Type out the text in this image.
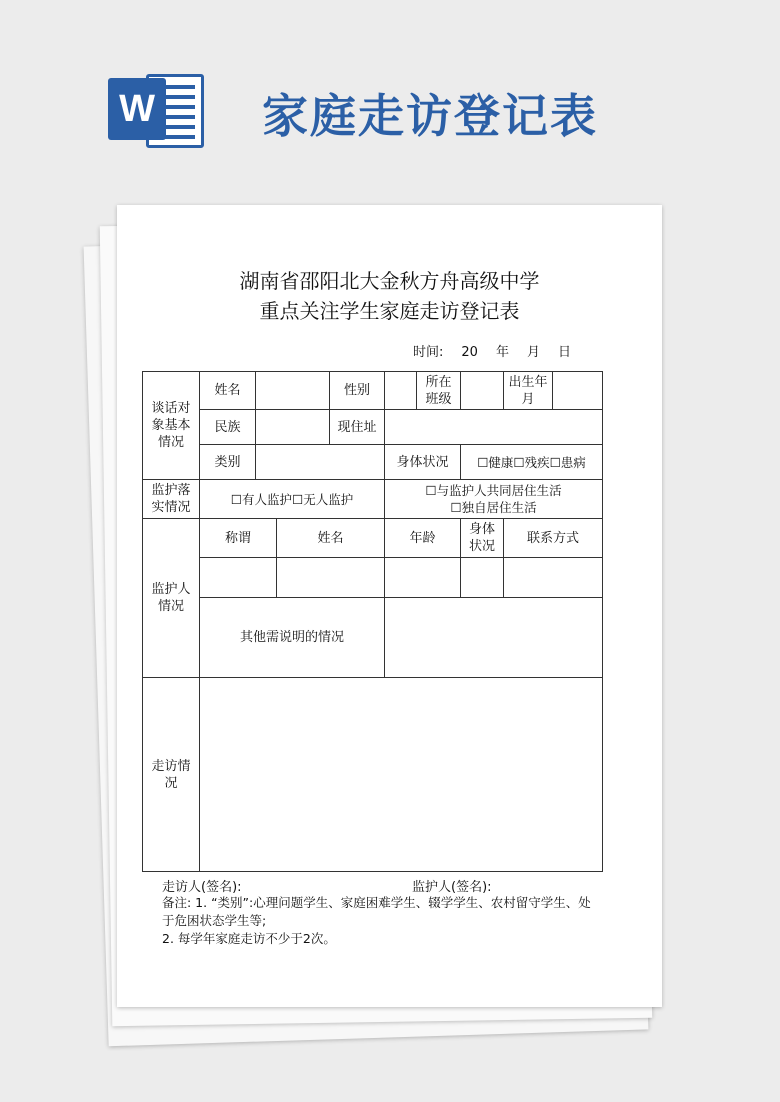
W 家庭走访登记表
湖南省邵阳北大金秋方舟高级中学
重点关注学生家庭走访登记表
时间: 20 年 月 日
谈话对象基本情况	姓名			性别		所在班级		出生年月	
	民族			现住址					
	类别				身体状况		☐健康☐残疾☐患病		
监护落实情况	☐有人监护☐无人监护				☐与监护人共同居住生活
☐独自居住生活				

监护人情况	称谓		姓名		年龄		身体状况	联系方式	

	其他需说明的情况								
走访情况									
走访人(签名):	监护人(签名):
备注: 1. “类别”:心理问题学生、家庭困难学生、辍学学生、农村留守学生、处于危困状态学生等;
2. 每学年家庭走访不少于2次。
